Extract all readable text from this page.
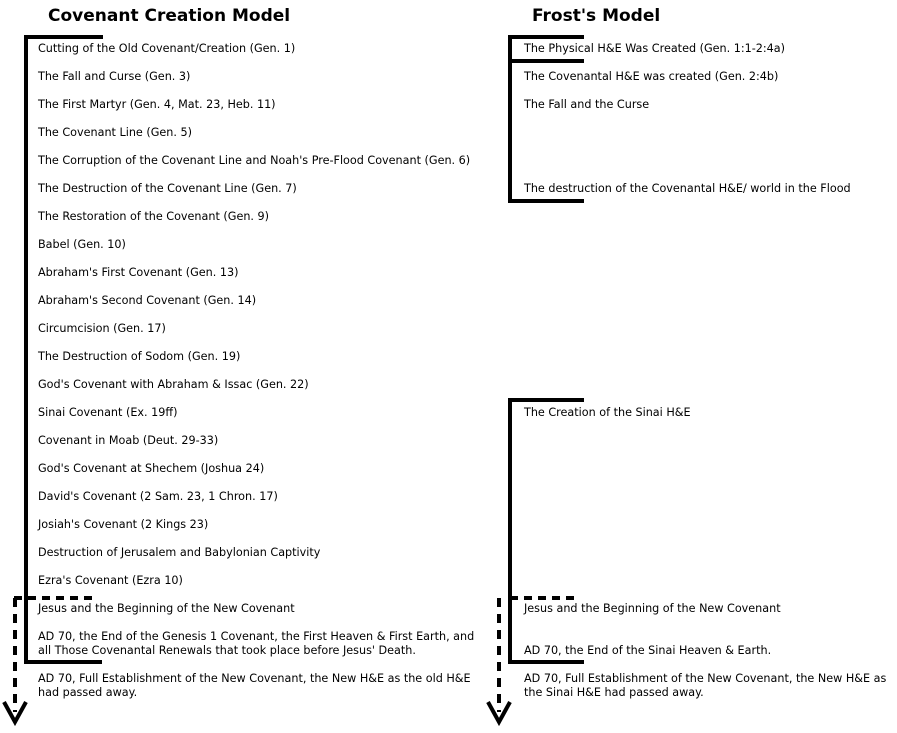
Covenant Creation Model	Frost's Model
Cutting of the Old Covenant/Creation (Gen. 1)
The Fall and Curse (Gen. 3)
The First Martyr (Gen. 4, Mat. 23, Heb. 11)
The Covenant Line (Gen. 5)
The Corruption of the Covenant Line and Noah's Pre-Flood Covenant (Gen. 6)
The Destruction of the Covenant Line (Gen. 7)
The Restoration of the Covenant (Gen. 9)
Babel (Gen. 10)
Abraham's First Covenant (Gen. 13)
Abraham's Second Covenant (Gen. 14)
Circumcision (Gen. 17)
The Destruction of Sodom (Gen. 19)
God's Covenant with Abraham & Issac (Gen. 22)
Sinai Covenant (Ex. 19ff)
Covenant in Moab (Deut. 29-33)
God's Covenant at Shechem (Joshua 24)
David's Covenant (2 Sam. 23, 1 Chron. 17)
Josiah's Covenant (2 Kings 23)
Destruction of Jerusalem and Babylonian Captivity
Ezra's Covenant (Ezra 10)
Jesus and the Beginning of the New Covenant
AD 70, the End of the Genesis 1 Covenant, the First Heaven & First Earth, and all Those Covenantal Renewals that took place before Jesus' Death.
AD 70, Full Establishment of the New Covenant, the New H&E as the old H&E had passed away.
The Physical H&E Was Created (Gen. 1:1-2:4a)
The Covenantal H&E was created (Gen. 2:4b)
The Fall and the Curse
The destruction of the Covenantal H&E/ world in the Flood
The Creation of the Sinai H&E
Jesus and the Beginning of the New Covenant
AD 70, the End of the Sinai Heaven & Earth.
AD 70, Full Establishment of the New Covenant, the New H&E as the Sinai H&E had passed away.
